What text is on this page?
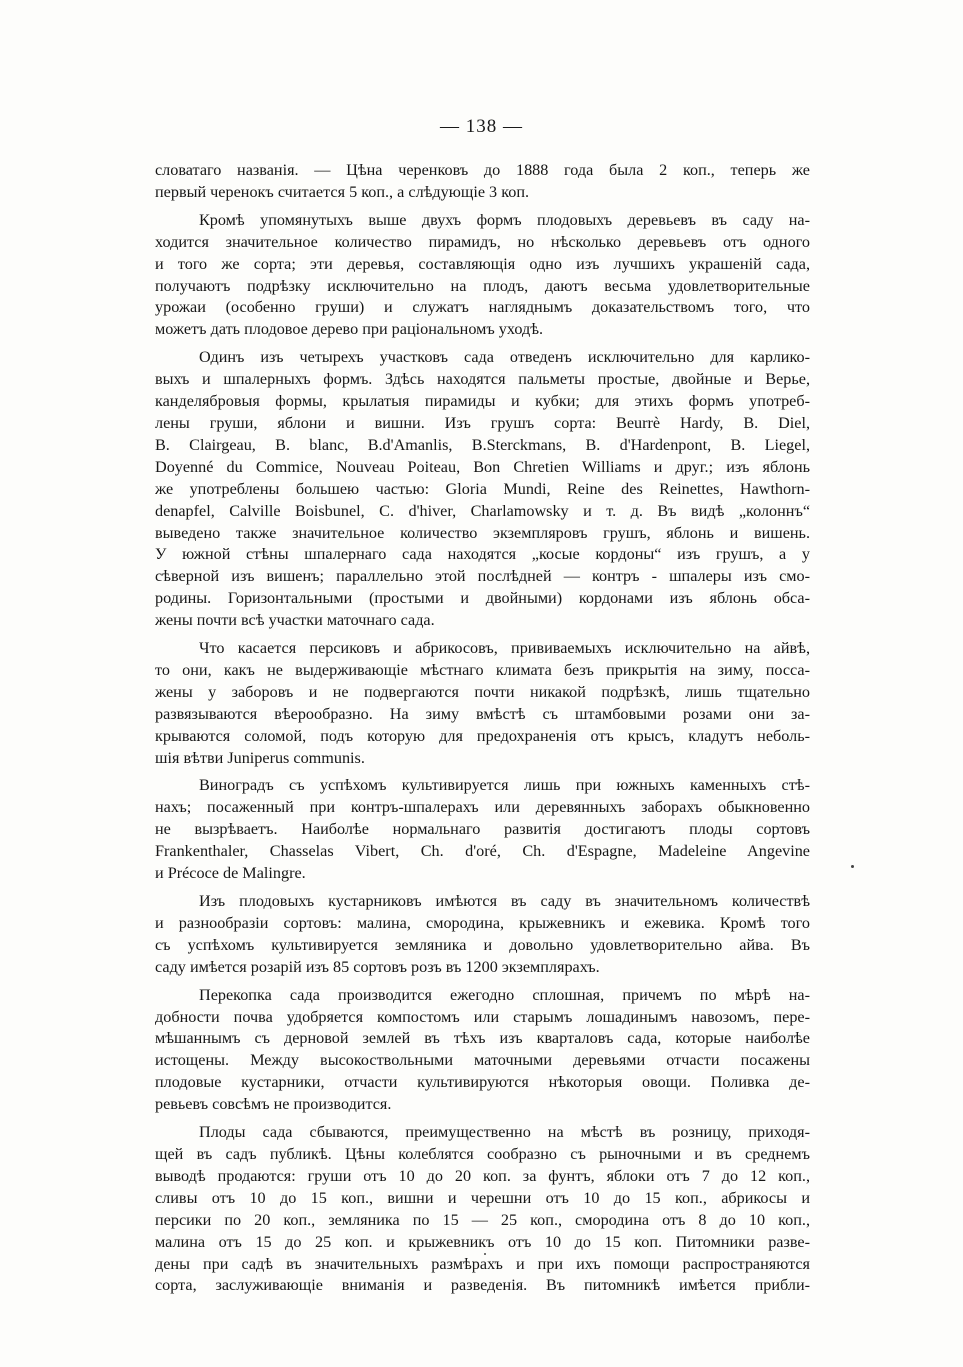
— 138 —
словатаго названія. — Цѣна черенковъ до 1888 года была 2 коп., теперь же
первый черенокъ считается 5 коп., а слѣдующіе 3 коп.
Кромѣ упомянутыхъ выше двухъ формъ плодовыхъ деревьевъ въ саду на-
ходится значительное количество пирамидъ, но нѣсколько деревьевъ отъ одного
и того же сорта; эти деревья, составляющія одно изъ лучшихъ украшеній сада,
получаютъ подрѣзку исключительно на плодъ, даютъ весьма удовлетворительные
урожаи (особенно груши) и служатъ нагляднымъ доказательствомъ того, что
можетъ дать плодовое дерево при раціональномъ уходѣ.
Одинъ изъ четырехъ участковъ сада отведенъ исключительно для карлико-
выхъ и шпалерныхъ формъ. Здѣсь находятся пальметы простые, двойные и Верье,
канделябровыя формы, крылатыя пирамиды и кубки; для этихъ формъ употреб-
лены груши, яблони и вишни. Изъ грушъ сорта: Beurrè Hardy, B. Diel,
B. Clairgeau, B. blanc, B.d'Amanlis, B.Sterckmans, B. d'Hardenpont, B. Liegel,
Doyenné du Commice, Nouveau Poiteau, Bon Chretien Williams и друг.; изъ яблонь
же употреблены большею частью: Gloria Mundi, Reine des Reinettes, Hawthorn-
denapfel, Calville Boisbunel, C. d'hiver, Charlamowsky и т. д. Въ видѣ „колоннъ“
выведено также значительное количество экземпляровъ грушъ, яблонь и вишень.
У южной стѣны шпалернаго сада находятся „косые кордоны“ изъ грушъ, а у
сѣверной изъ вишенъ; параллельно этой послѣдней — контръ - шпалеры изъ смо-
родины. Горизонтальными (простыми и двойными) кордонами изъ яблонь обса-
жены почти всѣ участки маточнаго сада.
Что касается персиковъ и абрикосовъ, прививаемыхъ исключительно на айвѣ,
то они, какъ не выдерживающіе мѣстнаго климата безъ прикрытія на зиму, посса-
жены у заборовъ и не подвергаются почти никакой подрѣзкѣ, лишь тщательно
развязываются вѣерообразно. На зиму вмѣстѣ съ штамбовыми розами они за-
крываются соломой, подъ которую для предохраненія отъ крысъ, кладутъ неболь-
шія вѣтви Juniperus communis.
Виноградъ съ успѣхомъ культивируется лишь при южныхъ каменныхъ стѣ-
нахъ; посаженный при контръ-шпалерахъ или деревянныхъ заборахъ обыкновенно
не вызрѣваетъ. Наиболѣе нормальнаго развитія достигаютъ плоды сортовъ
Frankenthaler, Chasselas Vibert, Ch. d'oré, Ch. d'Espagne, Madeleine Angevine
и Précoce de Malingre.
Изъ плодовыхъ кустарниковъ имѣются въ саду въ значительномъ количествѣ
и разнообразіи сортовъ: малина, смородина, крыжевникъ и ежевика. Кромѣ того
съ успѣхомъ культивируется земляника и довольно удовлетворительно айва. Въ
саду имѣется розарій изъ 85 сортовъ розъ въ 1200 экземплярахъ.
Перекопка сада производится ежегодно сплошная, причемъ по мѣрѣ на-
добности почва удобряется компостомъ или старымъ лошадинымъ навозомъ, пере-
мѣшаннымъ съ дерновой землей въ тѣхъ изъ кварталовъ сада, которые наиболѣе
истощены. Между высокоствольными маточными деревьями отчасти посажены
плодовые кустарники, отчасти культивируются нѣкоторыя овощи. Поливка де-
ревьевъ совсѣмъ не производится.
Плоды сада сбываются, преимущественно на мѣстѣ въ розницу, приходя-
щей въ садъ публикѣ. Цѣны колеблятся сообразно съ рыночными и въ среднемъ
выводѣ продаются: груши отъ 10 до 20 коп. за фунтъ, яблоки отъ 7 до 12 коп.,
сливы отъ 10 до 15 коп., вишни и черешни отъ 10 до 15 коп., абрикосы и
персики по 20 коп., земляника по 15 — 25 коп., смородина отъ 8 до 10 коп.,
малина отъ 15 до 25 коп. и крыжевникъ отъ 10 до 15 коп. Питомники разве-
дены при садѣ въ значительныхъ размѣрахъ и при ихъ помощи распространяются
сорта, заслуживающіе вниманія и разведенія. Въ питомникѣ имѣется прибли-
